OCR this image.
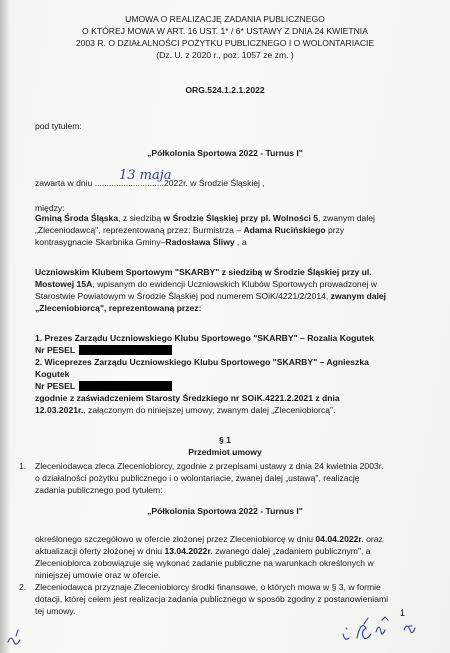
UMOWA O REALIZACJĘ ZADANIA PUBLICZNEGO
O KTÓREJ MOWA W ART. 16 UST. 1* / 6* USTAWY Z DNIA 24 KWIETNIA
2003 R. O DZIAŁALNOŚCI POŻYTKU PUBLICZNEGO I O WOLONTARIACIE
(Dz. U. z 2020 r., poz. 1057 ze zm. )
ORG.524.1.2.1.2022
pod tytułem:
„Półkolonia Sportowa 2022 - Turnus I"
zawarta w dniu .............................2022r. w Środzie Śląskiej ,
13 maja
między:
Gminą Środa Śląska, z siedzibą w Środzie Śląskiej przy pl. Wolności 5, zwanym dalej
„Zleceniodawcą", reprezentowaną przez: Burmistrza – Adama Rucińskiego przy
kontrasygnacie Skarbnika Gminy–Radosława Śliwy , a
Uczniowskim Klubem Sportowym "SKARBY" z siedzibą w Środzie Śląskiej przy ul.
Mostowej 15A, wpisanym do ewidencji Uczniowskich Klubów Sportowych prowadzonej w
Starostwie Powiatowym w Środzie Śląskiej pod numerem SOiK/4221/2/2014, zwanym dalej
„Zleceniobiorcą", reprezentowaną przez:
1. Prezes Zarządu Uczniowskiego Klubu Sportowego "SKARBY" – Rozalia Kogutek
Nr PESEL
2. Wiceprezes Zarządu Uczniowskiego Klubu Sportowego "SKARBY" – Agnieszka
Kogutek
Nr PESEL
zgodnie z zaświadczeniem Starosty Średzkiego nr SOiK.4221.2.2021 z dnia
12.03.2021r., załączonym do niniejszej umowy, zwanym dalej „Zleceniobiorcą".
§ 1
Przedmiot umowy
1. Zleceniodawca zleca Zleceniobiorcy, zgodnie z przepisami ustawy z dnia 24 kwietnia 2003r.
o działalności pożytku publicznego i o wolontariacie, zwanej dalej „ustawą", realizację
zadania publicznego pod tytułem:
„Półkolonia Sportowa 2022 - Turnus I"
określonego szczegółowo w ofercie złożonej przez Zleceniobiorcę w dniu 04.04.2022r. oraz
aktualizacji oferty złożonej w dniu 13.04.2022r. zwanego dalej „zadaniem publicznym", a
Zleceniobiorca zobowiązuje się wykonać zadanie publiczne na warunkach określonych w
niniejszej umowie oraz w ofercie.
2. Zleceniodawca przyznaje Zleceniobiorcy środki finansowe, o których mowa w § 3, w formie
dotacji, której celem jest realizacja zadania publicznego w sposób zgodny z postanowieniami
tej umowy.	1
